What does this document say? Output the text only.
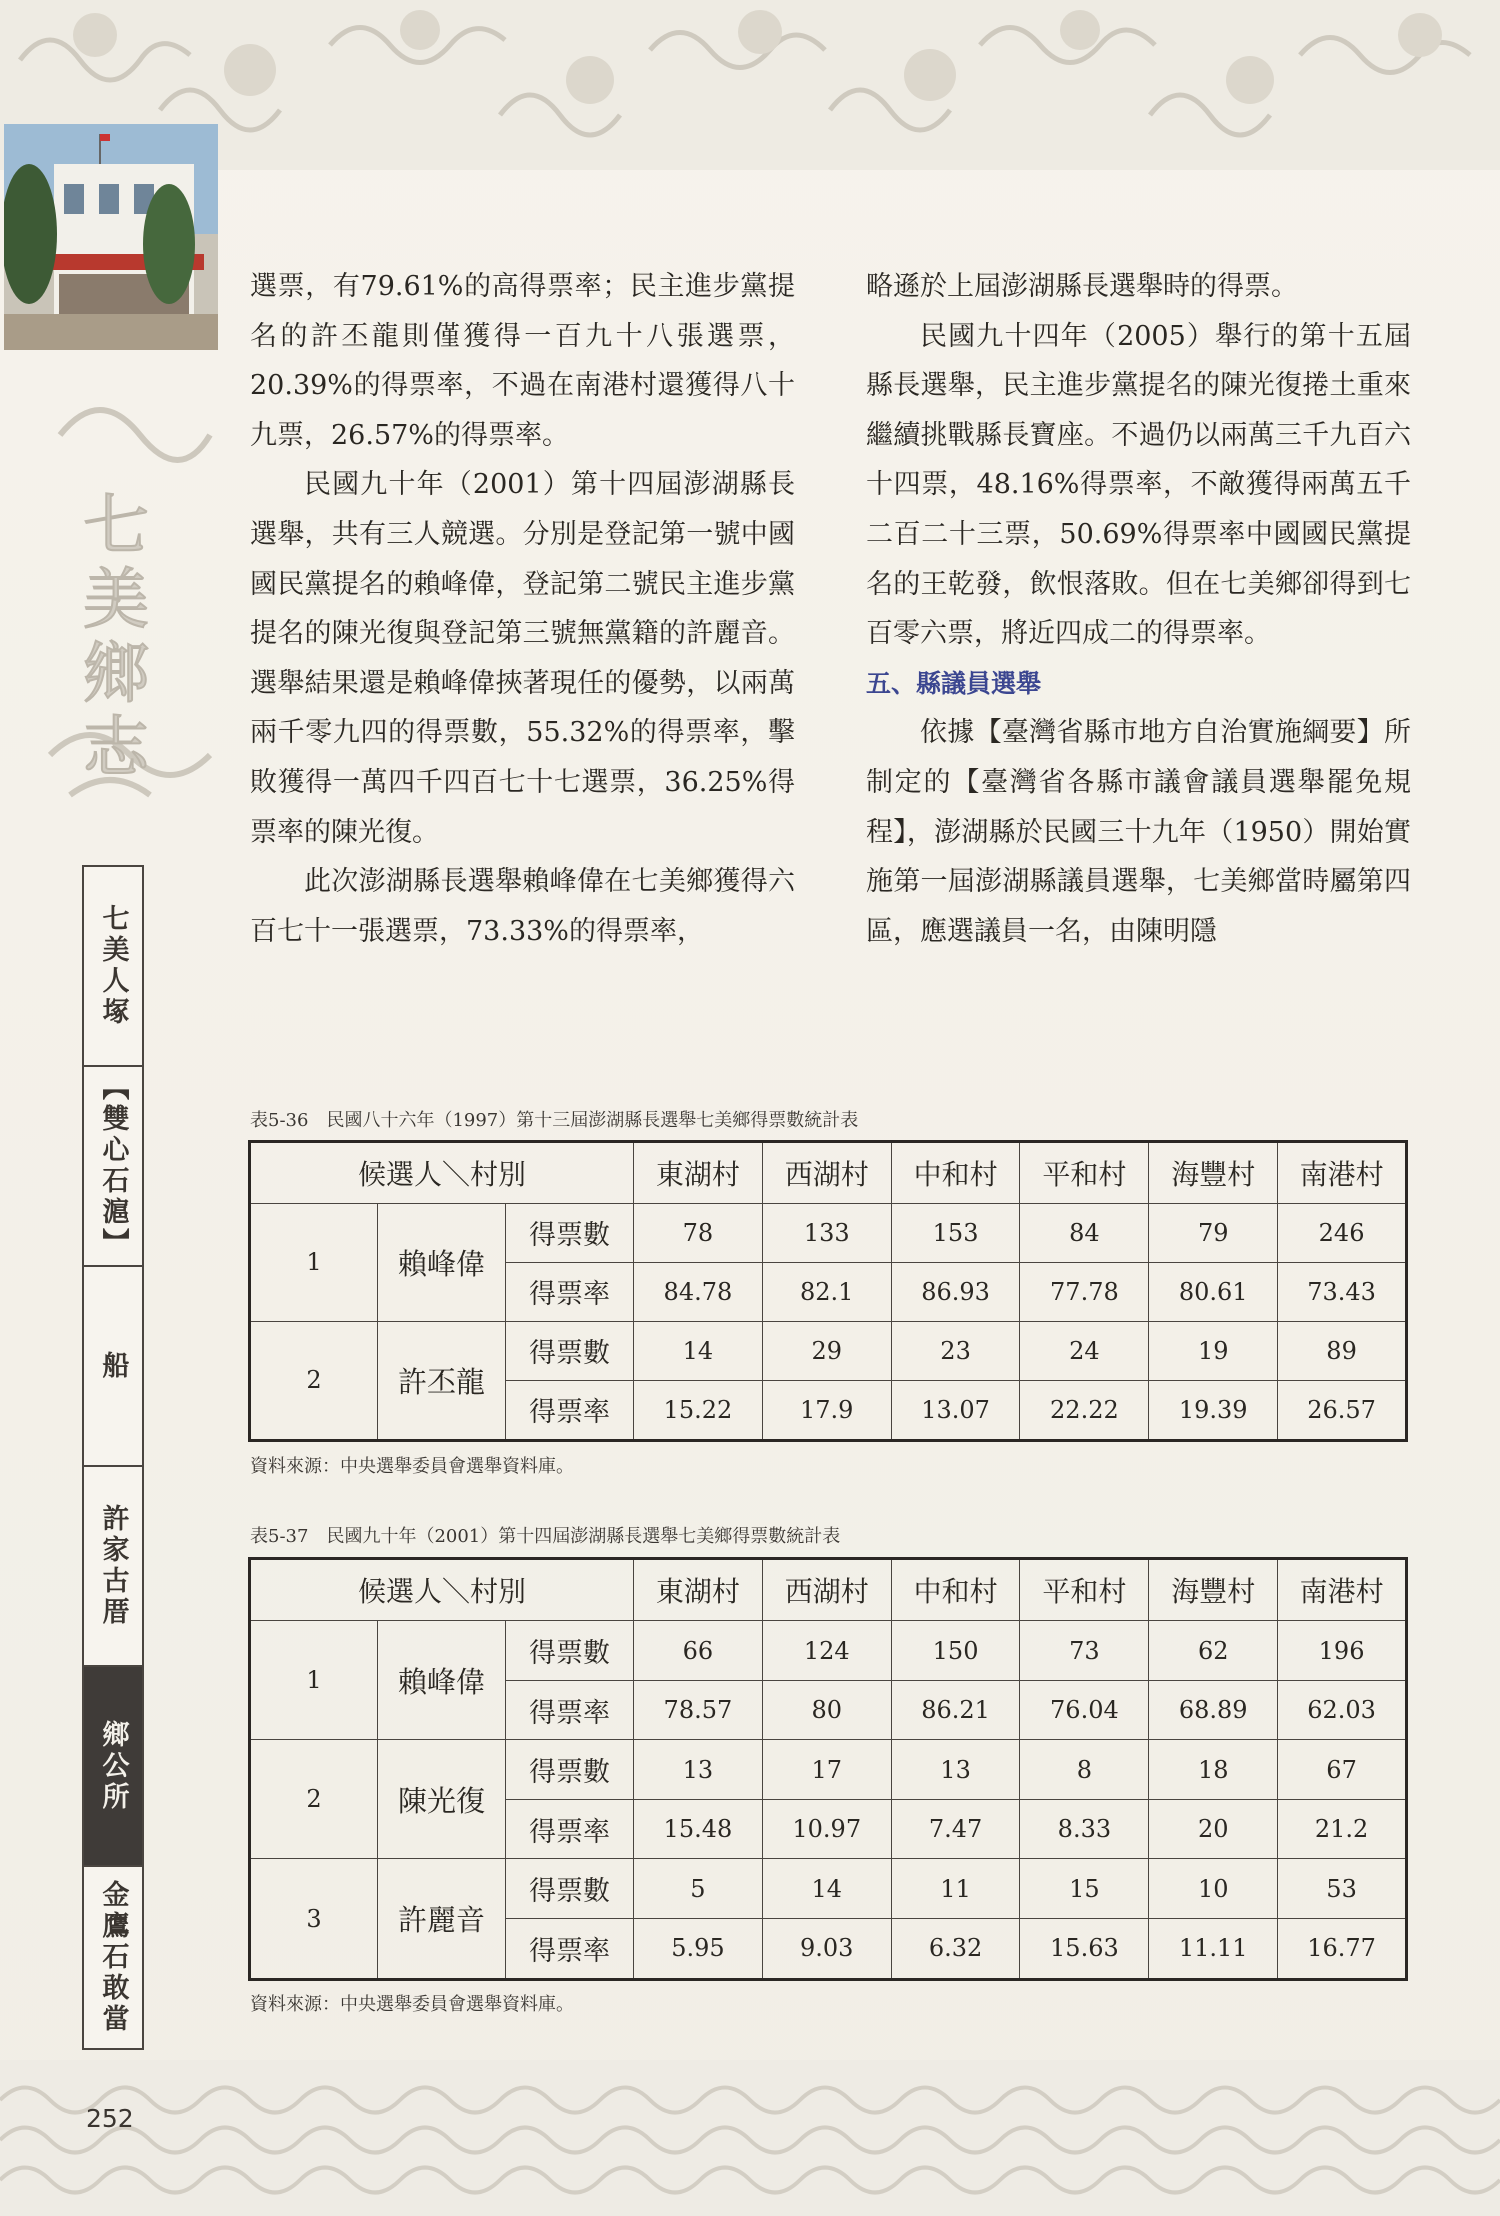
七美鄉志
七美人塚
【雙心石滬】
船
許家古厝
鄉公所
金鷹石敢當

選票，有79.61%的高得票率；民主進步黨提名的許丕龍則僅獲得一百九十八張選票，20.39%的得票率，不過在南港村還獲得八十九票，26.57%的得票率。

民國九十年（2001）第十四屆澎湖縣長選舉，共有三人競選。分別是登記第一號中國國民黨提名的賴峰偉，登記第二號民主進步黨提名的陳光復與登記第三號無黨籍的許麗音。選舉結果還是賴峰偉挾著現任的優勢，以兩萬兩千零九四的得票數，55.32%的得票率，擊敗獲得一萬四千四百七十七選票，36.25%得票率的陳光復。

此次澎湖縣長選舉賴峰偉在七美鄉獲得六百七十一張選票，73.33%的得票率，

略遜於上屆澎湖縣長選舉時的得票。

民國九十四年（2005）舉行的第十五屆縣長選舉，民主進步黨提名的陳光復捲土重來繼續挑戰縣長寶座。不過仍以兩萬三千九百六十四票，48.16%得票率，不敵獲得兩萬五千二百二十三票，50.69%得票率中國國民黨提名的王乾發，飲恨落敗。但在七美鄉卻得到七百零六票，將近四成二的得票率。

五、縣議員選舉

依據【臺灣省縣市地方自治實施綱要】所制定的【臺灣省各縣市議會議員選舉罷免規程】，澎湖縣於民國三十九年（1950）開始實施第一屆澎湖縣議員選舉，七美鄉當時屬第四區，應選議員一名，由陳明隱

表5-36　民國八十六年（1997）第十三屆澎湖縣長選舉七美鄉得票數統計表
候選人＼村別			東湖村	西湖村	中和村	平和村	海豐村	南港村
1	賴峰偉	得票數	78	133	153	84	79	246
		得票率	84.78	82.1	86.93	77.78	80.61	73.43
2	許丕龍	得票數	14	29	23	24	19	89
		得票率	15.22	17.9	13.07	22.22	19.39	26.57
資料來源：中央選舉委員會選舉資料庫。
表5-37　民國九十年（2001）第十四屆澎湖縣長選舉七美鄉得票數統計表
候選人＼村別			東湖村	西湖村	中和村	平和村	海豐村	南港村
1	賴峰偉	得票數	66	124	150	73	62	196
		得票率	78.57	80	86.21	76.04	68.89	62.03
2	陳光復	得票數	13	17	13	8	18	67
		得票率	15.48	10.97	7.47	8.33	20	21.2
3	許麗音	得票數	5	14	11	15	10	53
		得票率	5.95	9.03	6.32	15.63	11.11	16.77
資料來源：中央選舉委員會選舉資料庫。
252
